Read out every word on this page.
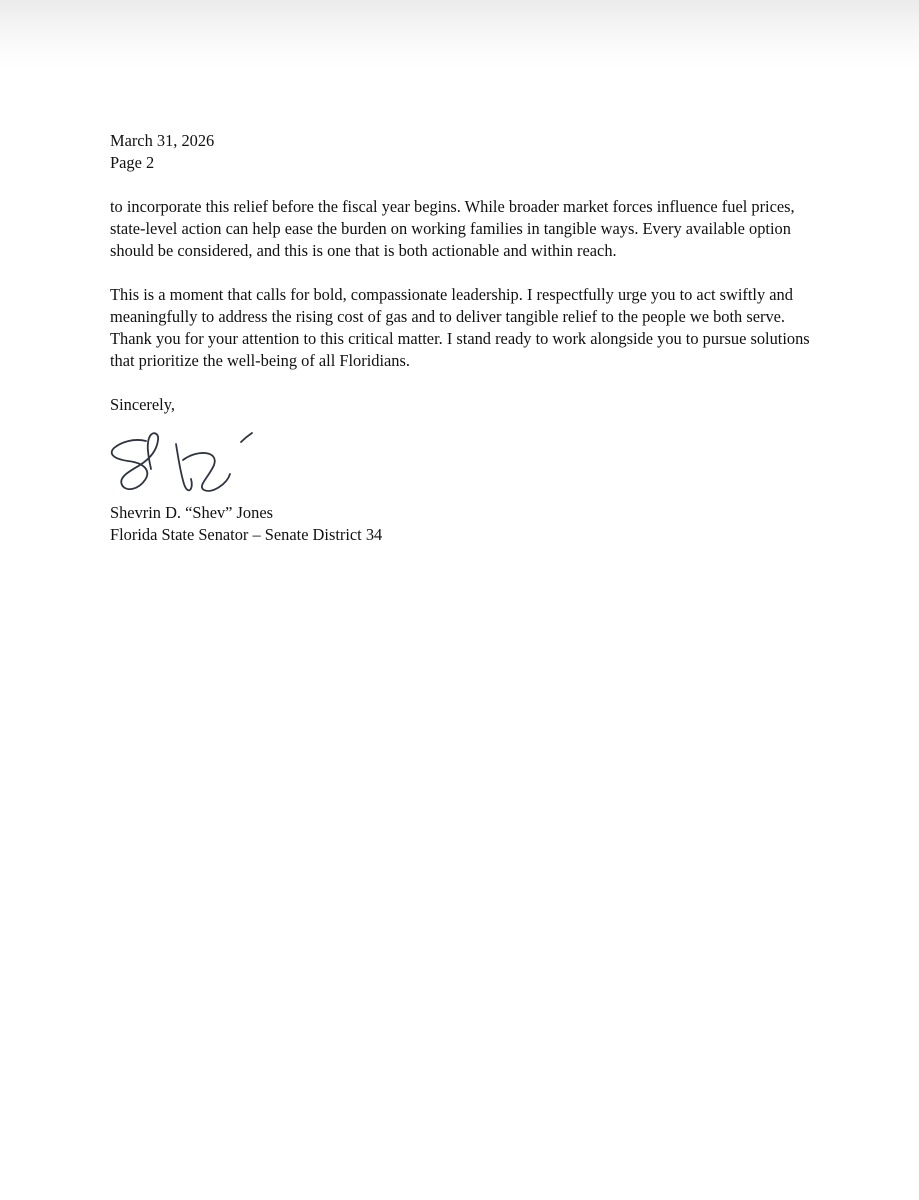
March 31, 2026
Page 2

to incorporate this relief before the fiscal year begins. While broader market forces influence fuel prices, state-level action can help ease the burden on working families in tangible ways. Every available option should be considered, and this is one that is both actionable and within reach.

This is a moment that calls for bold, compassionate leadership. I respectfully urge you to act swiftly and meaningfully to address the rising cost of gas and to deliver tangible relief to the people we both serve. Thank you for your attention to this critical matter. I stand ready to work alongside you to pursue solutions that prioritize the well-being of all Floridians.

Sincerely,
Shevrin D. “Shev” Jones
Florida State Senator – Senate District 34
